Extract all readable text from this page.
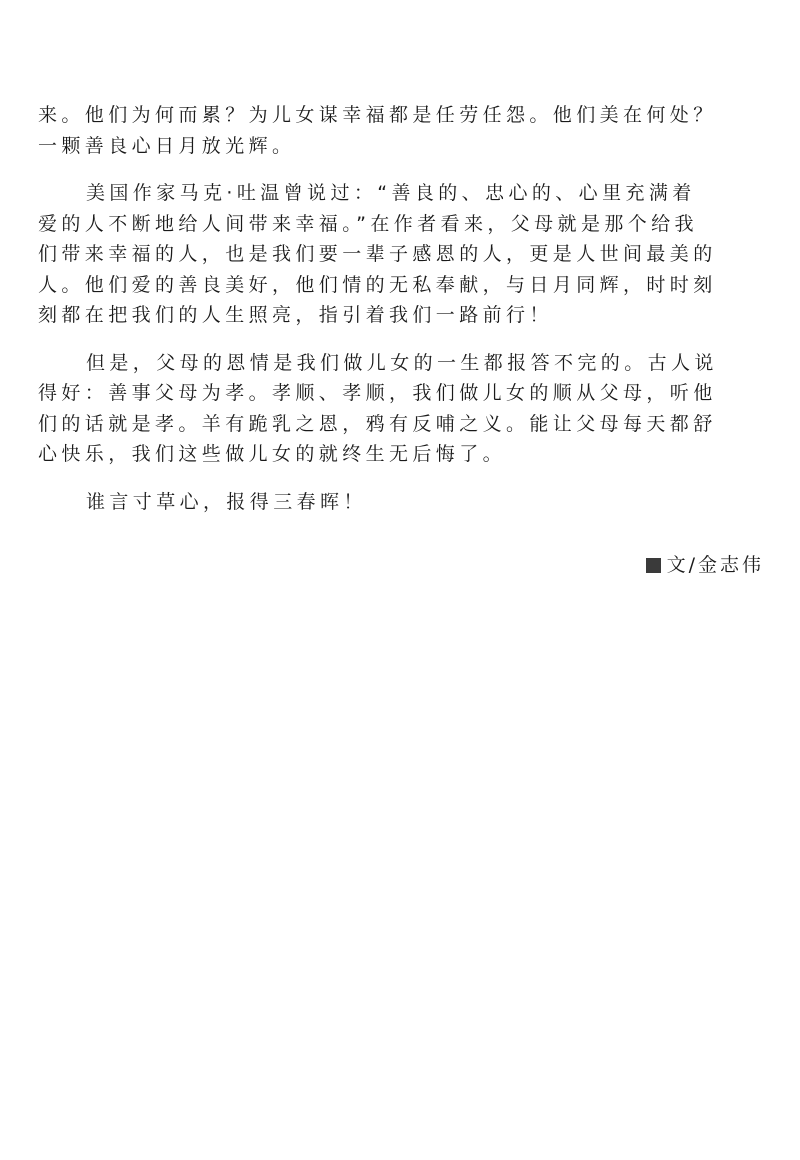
来。他们为何而累？为儿女谋幸福都是任劳任怨。他们美在何处？
一颗善良心日月放光辉。

美国作家马克·吐温曾说过：“善良的、忠心的、心里充满着
爱的人不断地给人间带来幸福。”在作者看来，父母就是那个给我
们带来幸福的人，也是我们要一辈子感恩的人，更是人世间最美的
人。他们爱的善良美好，他们情的无私奉献，与日月同辉，时时刻
刻都在把我们的人生照亮，指引着我们一路前行！

但是，父母的恩情是我们做儿女的一生都报答不完的。古人说
得好：善事父母为孝。孝顺、孝顺，我们做儿女的顺从父母，听他
们的话就是孝。羊有跪乳之恩，鸦有反哺之义。能让父母每天都舒
心快乐，我们这些做儿女的就终生无后悔了。

谁言寸草心，报得三春晖！

文/金志伟
